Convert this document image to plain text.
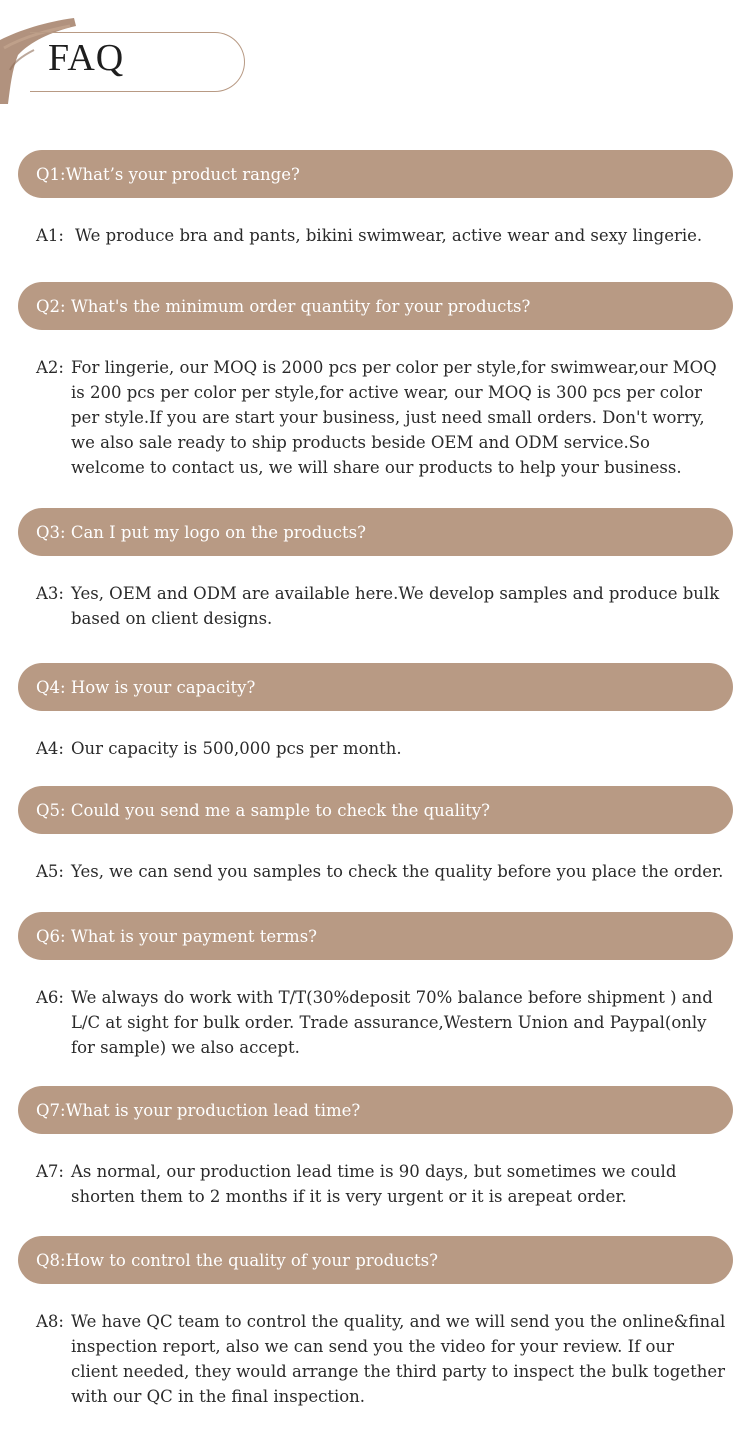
FAQ
Q1:What’s your product range?
A1: We produce bra and pants, bikini swimwear, active wear and sexy lingerie.
Q2: What's the minimum order quantity for your products?
A2: For lingerie, our MOQ is 2000 pcs per color per style,for swimwear,our MOQ is 200 pcs per color per style,for active wear, our MOQ is 300 pcs per color per style.If you are start your business, just need small orders. Don't worry, we also sale ready to ship products beside OEM and ODM service.So welcome to contact us, we will share our products to help your business.
Q3: Can I put my logo on the products?
A3: Yes, OEM and ODM are available here.We develop samples and produce bulk based on client designs.
Q4: How is your capacity?
A4: Our capacity is 500,000 pcs per month.
Q5: Could you send me a sample to check the quality?
A5: Yes, we can send you samples to check the quality before you place the order.
Q6: What is your payment terms?
A6: We always do work with T/T(30%deposit 70% balance before shipment ) and L/C at sight for bulk order. Trade assurance,Western Union and Paypal(only for sample) we also accept.
Q7:What is your production lead time?
A7: As normal, our production lead time is 90 days, but sometimes we could shorten them to 2 months if it is very urgent or it is arepeat order.
Q8:How to control the quality of your products?
A8: We have QC team to control the quality, and we will send you the online&final inspection report, also we can send you the video for your review. If our client needed, they would arrange the third party to inspect the bulk together with our QC in the final inspection.
